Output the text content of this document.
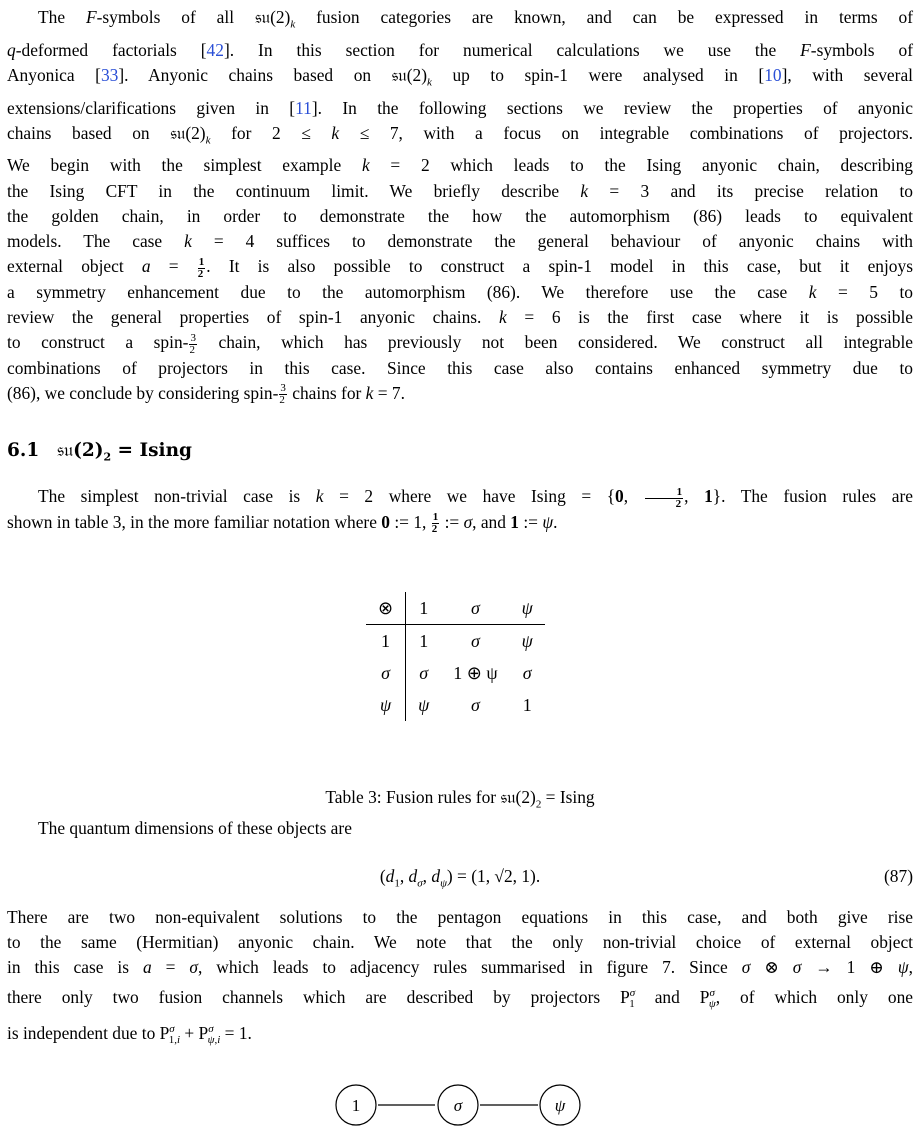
The F-symbols of all $𝔰𝔲(2)_k$ fusion categories are known, and can be expressed in terms of
q-deformed factorials [42]. In this section for numerical calculations we use the F-symbols of
Anyonica [33]. Anyonic chains based on $𝔰𝔲(2)_k$ up to spin-1 were analysed in [10], with several
extensions/clarifications given in [11]. In the following sections we review the properties of anyonic
chains based on $𝔰𝔲(2)_k$ for 2 ≤ k ≤ 7, with a focus on integrable combinations of projectors.
We begin with the simplest example k = 2 which leads to the Ising anyonic chain, describing
the Ising CFT in the continuum limit. We briefly describe k = 3 and its precise relation to
the golden chain, in order to demonstrate the how the automorphism (86) leads to equivalent
models. The case k = 4 suffices to demonstrate the general behaviour of anyonic chains with
external object $a = \frac{1}{2}$ . It is also possible to construct a spin-1 model in this case, but it enjoys
a symmetry enhancement due to the automorphism (86). We therefore use the case k = 5 to
review the general properties of spin-1 anyonic chains. k = 6 is the first case where it is possible
to construct a spin- $\frac{3}{2}$ chain, which has previously not been considered. We construct all integrable
combinations of projectors in this case. Since this case also contains enhanced symmetry due to
(86), we conclude by considering spin- $\frac{3}{2}$ chains for k = 7.
6.1 $𝔰𝔲(2)_2 = Ising$
The simplest non-trivial case is k = 2 where we have Ising = {0, $\frac{1}{2}$ , 1}. The fusion rules are
shown in table 3, in the more familiar notation where 0 := 1, $\frac{1}{2}$ := σ, and 1 := ψ.
⊗	1	σ	ψ
1	1	σ	ψ
σ	σ	1 ⊕ ψ	σ
ψ	ψ	σ	1
Table 3: Fusion rules for $𝔰𝔲(2)_2 = Ising$
The quantum dimensions of these objects are
($d_1$, $d_\sigma$, $d_\psi) = (1$, √2, 1).	(87)
There are two non-equivalent solutions to the pentagon equations in this case, and both give rise
to the same (Hermitian) anyonic chain. We note that the only non-trivial choice of external object
in this case is a = σ, which leads to adjacency rules summarised in figure 7. Since σ ⊗ σ → 1 ⊕ ψ,
there only two fusion channels which are described by projectors $P^\sigma_1$ and $P^\sigma_\psi$, of which only one
is independent due to $P^\sigma_{1,i} + P^\sigma_{\psi,i} = 1$.
1	σ	ψ
